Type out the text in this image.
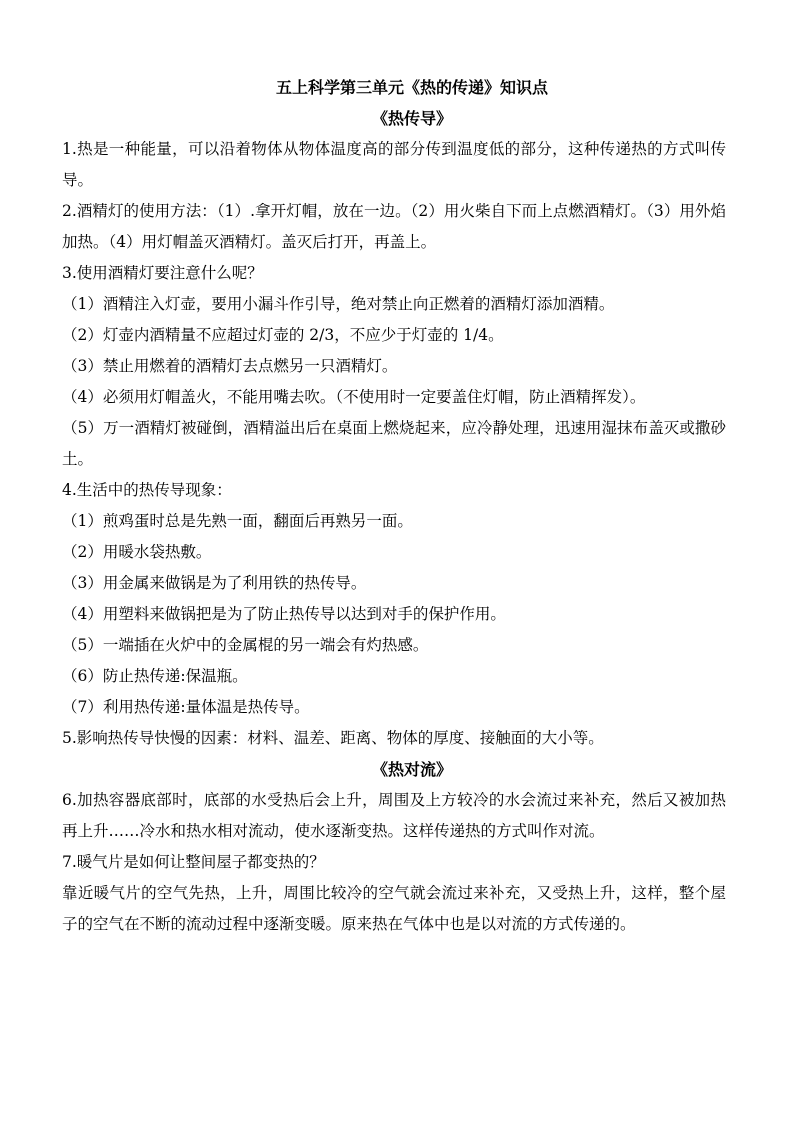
五上科学第三单元《热的传递》知识点
《热传导》

1.热是一种能量，可以沿着物体从物体温度高的部分传到温度低的部分，这种传递热的方式叫传导。

2.酒精灯的使用方法：（1）.拿开灯帽，放在一边。（2）用火柴自下而上点燃酒精灯。（3）用外焰加热。（4）用灯帽盖灭酒精灯。盖灭后打开，再盖上。

3.使用酒精灯要注意什么呢？

（1）酒精注入灯壶，要用小漏斗作引导，绝对禁止向正燃着的酒精灯添加酒精。

（2）灯壶内酒精量不应超过灯壶的 2/3，不应少于灯壶的 1/4。

（3）禁止用燃着的酒精灯去点燃另一只酒精灯。

（4）必须用灯帽盖火，不能用嘴去吹。（不使用时一定要盖住灯帽，防止酒精挥发）。

（5）万一酒精灯被碰倒，酒精溢出后在桌面上燃烧起来，应冷静处理，迅速用湿抹布盖灭或撒砂土。

4.生活中的热传导现象：

（1）煎鸡蛋时总是先熟一面，翻面后再熟另一面。

（2）用暖水袋热敷。

（3）用金属来做锅是为了利用铁的热传导。

（4）用塑料来做锅把是为了防止热传导以达到对手的保护作用。

（5）一端插在火炉中的金属棍的另一端会有灼热感。

（6）防止热传递:保温瓶。

（7）利用热传递:量体温是热传导。

5.影响热传导快慢的因素：材料、温差、距离、物体的厚度、接触面的大小等。

《热对流》

6.加热容器底部时，底部的水受热后会上升，周围及上方较冷的水会流过来补充，然后又被加热再上升……冷水和热水相对流动，使水逐渐变热。这样传递热的方式叫作对流。

7.暖气片是如何让整间屋子都变热的？

靠近暖气片的空气先热，上升，周围比较冷的空气就会流过来补充，又受热上升，这样，整个屋子的空气在不断的流动过程中逐渐变暖。原来热在气体中也是以对流的方式传递的。
